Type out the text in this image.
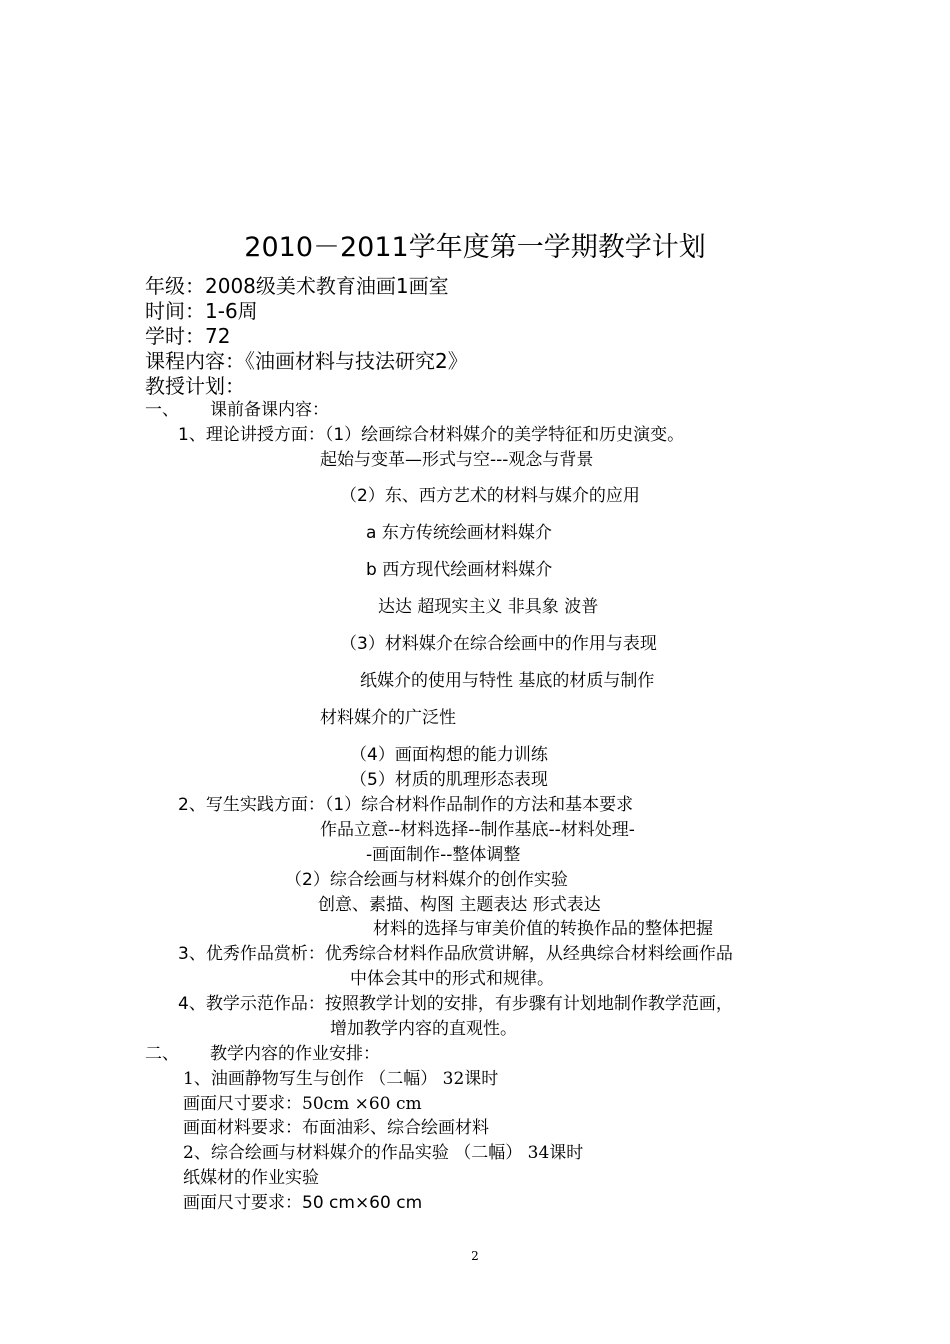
2010－2011学年度第一学期教学计划
年级：2008级美术教育油画1画室
时间：1-6周
学时：72
课程内容：《油画材料与技法研究2》
教授计划：
一、 课前备课内容：
1、理论讲授方面：（1）绘画综合材料媒介的美学特征和历史演变。
起始与变革—形式与空---观念与背景
（2）东、西方艺术的材料与媒介的应用
a 东方传统绘画材料媒介
b 西方现代绘画材料媒介
达达 超现实主义 非具象 波普
（3）材料媒介在综合绘画中的作用与表现
纸媒介的使用与特性 基底的材质与制作
材料媒介的广泛性
（4）画面构想的能力训练
（5）材质的肌理形态表现
2、写生实践方面：（1）综合材料作品制作的方法和基本要求
作品立意--材料选择--制作基底--材料处理-
-画面制作--整体调整
（2）综合绘画与材料媒介的创作实验
创意、素描、构图 主题表达 形式表达
材料的选择与审美价值的转换作品的整体把握
3、优秀作品赏析：优秀综合材料作品欣赏讲解，从经典综合材料绘画作品
中体会其中的形式和规律。
4、教学示范作品：按照教学计划的安排，有步骤有计划地制作教学范画，
增加教学内容的直观性。
二、 教学内容的作业安排：
1、油画静物写生与创作 （二幅） 32课时
画面尺寸要求：50cm ×60 cm
画面材料要求：布面油彩、综合绘画材料
2、综合绘画与材料媒介的作品实验 （二幅） 34课时
纸媒材的作业实验
画面尺寸要求：50 cm×60 cm
2
